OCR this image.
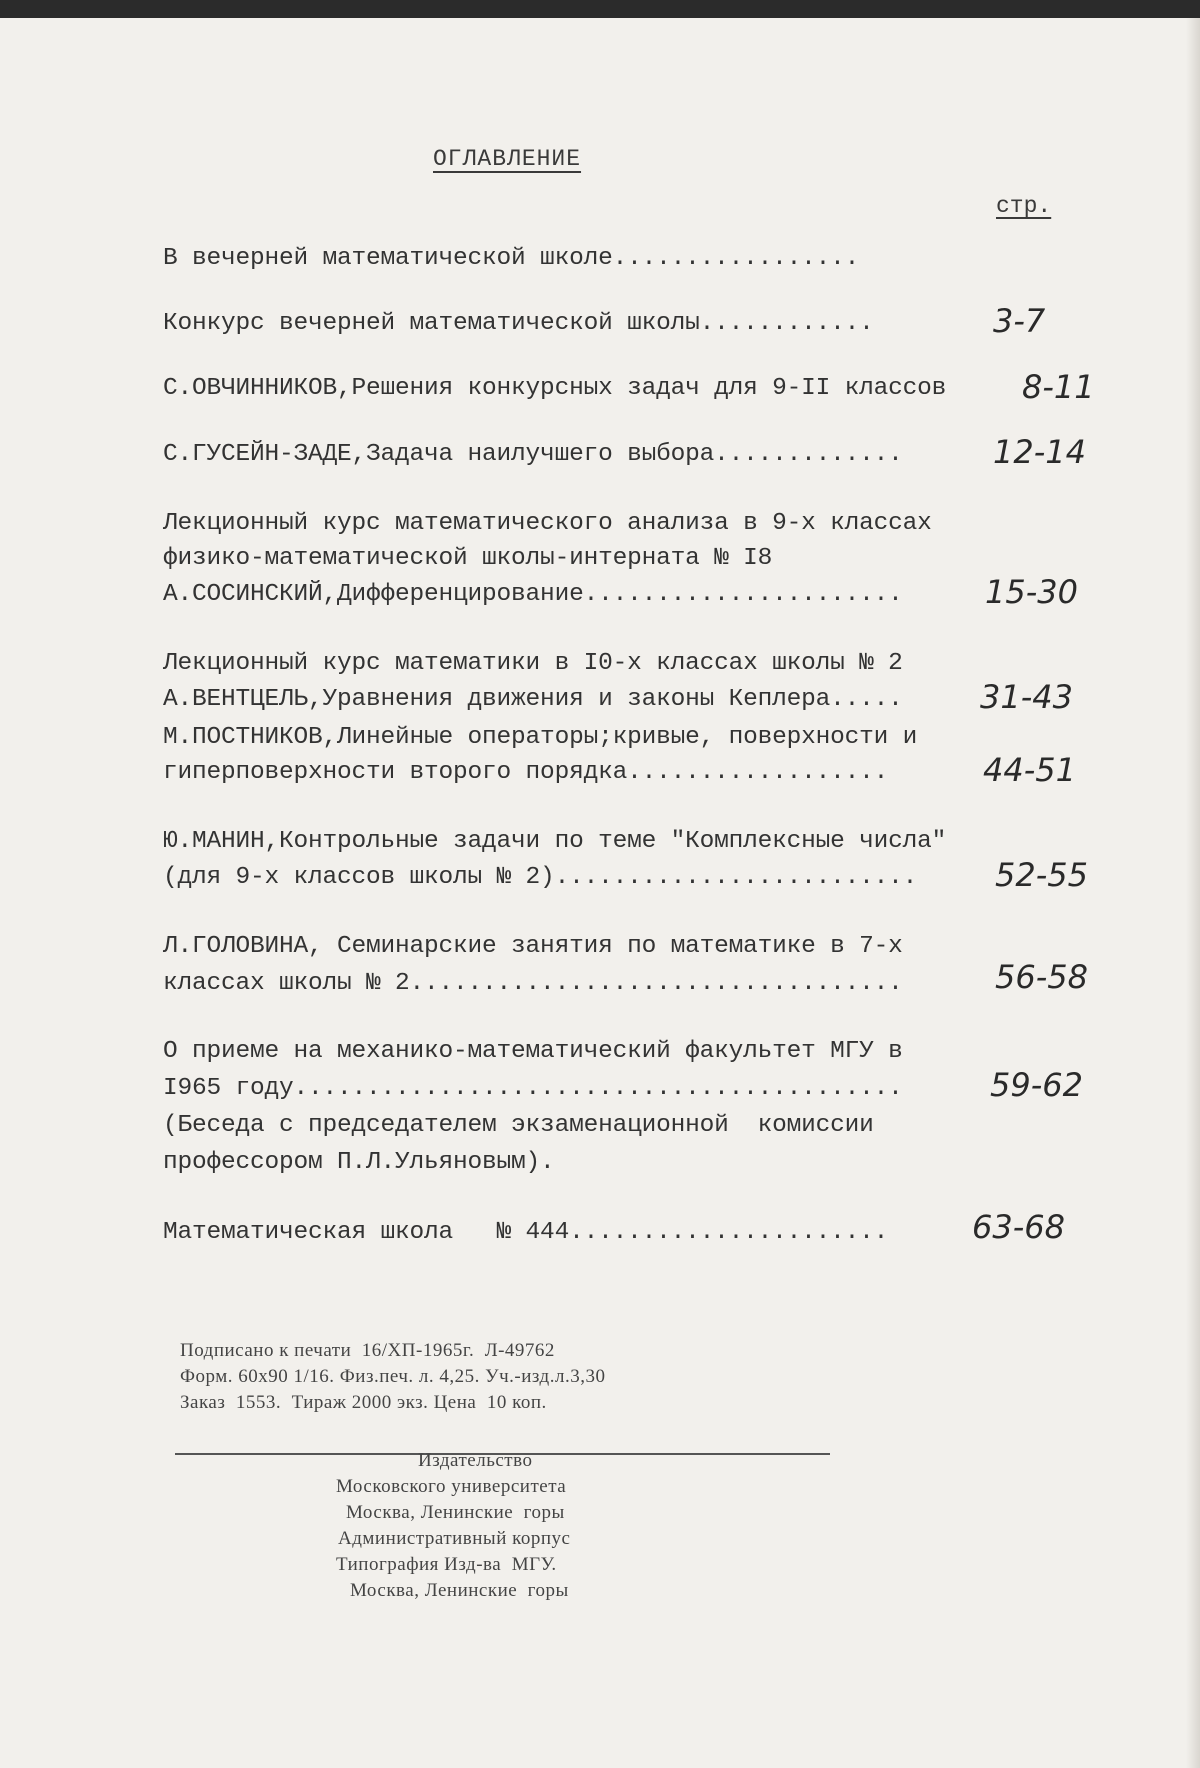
ОГЛАВЛЕНИЕ
стр.
В вечерней математической школе.................
Конкурс вечерней математической школы............	3-7
С.ОВЧИННИКОВ,Решения конкурсных задач для 9-II классов 8-11
С.ГУСЕЙН-ЗАДЕ,Задача наилучшего выбора.............	12-14
Лекционный курс математического анализа в 9-х классах
физико-математической школы-интерната № I8
А.СОСИНСКИЙ,Дифференцирование......................	15-30
Лекционный курс математики в I0-х классах школы № 2
А.ВЕНТЦЕЛЬ,Уравнения движения и законы Кеплера..... 31-43
М.ПОСТНИКОВ,Линейные операторы;кривые, поверхности и
гиперповерхности второго порядка..................	44-51
Ю.МАНИН,Контрольные задачи по теме "Комплексные числа"
(для 9-х классов школы № 2)......................... 52-55
Л.ГОЛОВИНА, Семинарские занятия по математике в 7-х
классах школы № 2..................................	56-58
О приеме на механико-математический факультет МГУ в
I965 году..........................................	59-62
(Беседа с председателем экзаменационной  комиссии
профессором П.Л.Ульяновым).
Математическая школа   № 444......................	63-68
Подписано к печати  16/ХП-1965г.  Л-49762
Форм. 60х90 1/16. Физ.печ. л. 4,25. Уч.-изд.л.3,30
Заказ  1553.  Тираж 2000 экз. Цена  10 коп.
Издательство
Московского университета
Москва, Ленинские  горы
Административный корпус
Типография Изд-ва  МГУ.
Москва, Ленинские  горы
